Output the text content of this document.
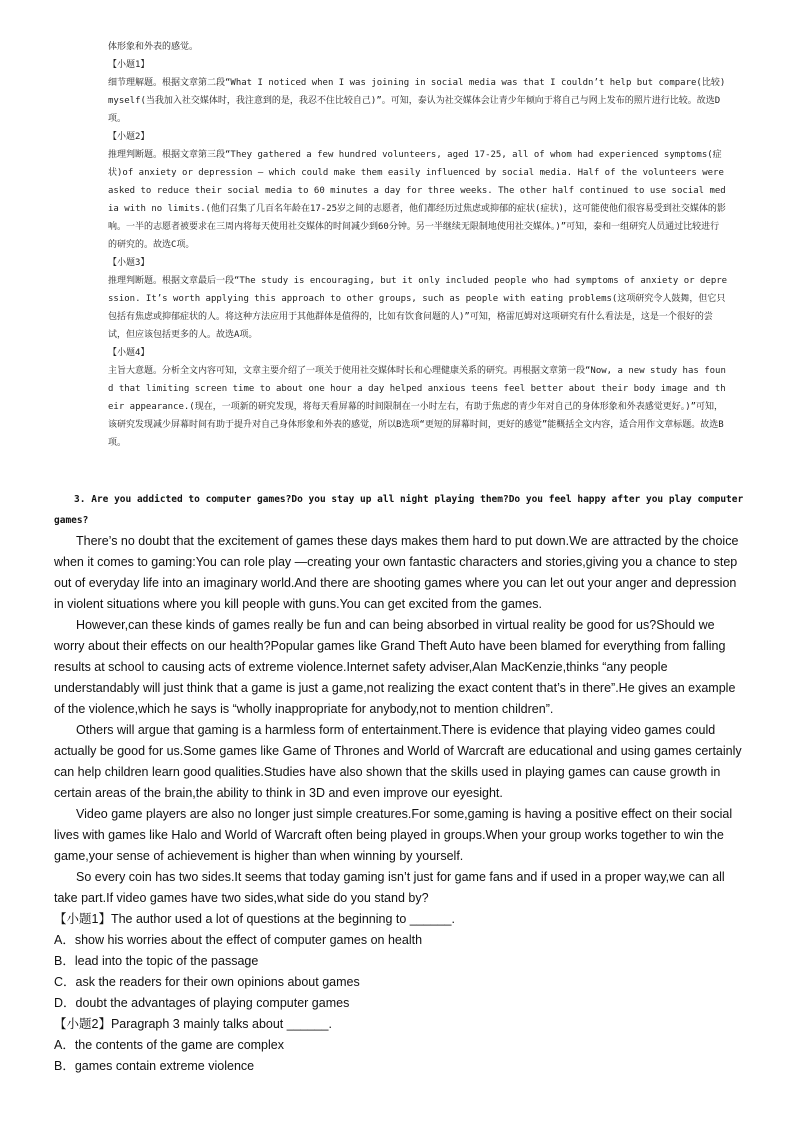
体形象和外表的感觉。

【小题1】

细节理解题。根据文章第二段“What I noticed when I was joining in social media was that I couldn’t help but compare(比较)myself(当我加入社交媒体时，我注意到的是，我忍不住比较自己)”。可知，泰认为社交媒体会让青少年倾向于将自己与网上发布的照片进行比较。故选D项。

【小题2】

推理判断题。根据文章第三段“They gathered a few hundred volunteers, aged 17-25, all of whom had experienced symptoms(症状)of anxiety or depression — which could make them easily influenced by social media. Half of the volunteers were asked to reduce their social media to 60 minutes a day for three weeks. The other half continued to use social media with no limits.(他们召集了几百名年龄在17-25岁之间的志愿者，他们都经历过焦虑或抑郁的症状(症状)，这可能使他们很容易受到社交媒体的影响。一半的志愿者被要求在三周内将每天使用社交媒体的时间减少到60分钟。另一半继续无限制地使用社交媒体。)”可知，泰和一组研究人员通过比较进行的研究的。故选C项。

【小题3】

推理判断题。根据文章最后一段“The study is encouraging, but it only included people who had symptoms of anxiety or depression. It’s worth applying this approach to other groups, such as people with eating problems(这项研究令人鼓舞，但它只包括有焦虑或抑郁症状的人。将这种方法应用于其他群体是值得的，比如有饮食问题的人)”可知，格雷厄姆对这项研究有什么看法是，这是一个很好的尝试，但应该包括更多的人。故选A项。

【小题4】

主旨大意题。分析全文内容可知，文章主要介绍了一项关于使用社交媒体时长和心理健康关系的研究。再根据文章第一段“Now, a new study has found that limiting screen time to about one hour a day helped anxious teens feel better about their body image and their appearance.(现在，一项新的研究发现，将每天看屏幕的时间限制在一小时左右，有助于焦虑的青少年对自己的身体形象和外表感觉更好。)”可知，该研究发现减少屏幕时间有助于提升对自己身体形象和外表的感觉，所以B选项“更短的屏幕时间，更好的感觉”能概括全文内容，适合用作文章标题。故选B项。

3. Are you addicted to computer games?Do you stay up all night playing them?Do you feel happy after you play computer games?

There’s no doubt that the excitement of games these days makes them hard to put down.We are attracted by the choice when it comes to gaming:You can role play —creating your own fantastic characters and stories,giving you a chance to step out of everyday life into an imaginary world.And there are shooting games where you can let out your anger and depression in violent situations where you kill people with guns.You can get excited from the games.

However,can these kinds of games really be fun and can being absorbed in virtual reality be good for us?Should we worry about their effects on our health?Popular games like Grand Theft Auto have been blamed for everything from falling results at school to causing acts of extreme violence.Internet safety adviser,Alan MacKenzie,thinks “any people understandably will just think that a game is just a game,not realizing the exact content that’s in there”.He gives an example of the violence,which he says is “wholly inappropriate for anybody,not to mention children”.

Others will argue that gaming is a harmless form of entertainment.There is evidence that playing video games could actually be good for us.Some games like Game of Thrones and World of Warcraft are educational and using games certainly can help children learn good qualities.Studies have also shown that the skills used in playing games can cause growth in certain areas of the brain,the ability to think in 3D and even improve our eyesight.

Video game players are also no longer just simple creatures.For some,gaming is having a positive effect on their social lives with games like Halo and World of Warcraft often being played in groups.When your group works together to win the game,your sense of achievement is higher than when winning by yourself.

So every coin has two sides.It seems that today gaming isn’t just for game fans and if used in a proper way,we can all take part.If video games have two sides,what side do you stand by?

【小题1】The author used a lot of questions at the beginning to ______.

A．show his worries about the effect of computer games on health

B．lead into the topic of the passage

C．ask the readers for their own opinions about games

D．doubt the advantages of playing computer games

【小题2】Paragraph 3 mainly talks about ______.

A．the contents of the game are complex

B．games contain extreme violence
